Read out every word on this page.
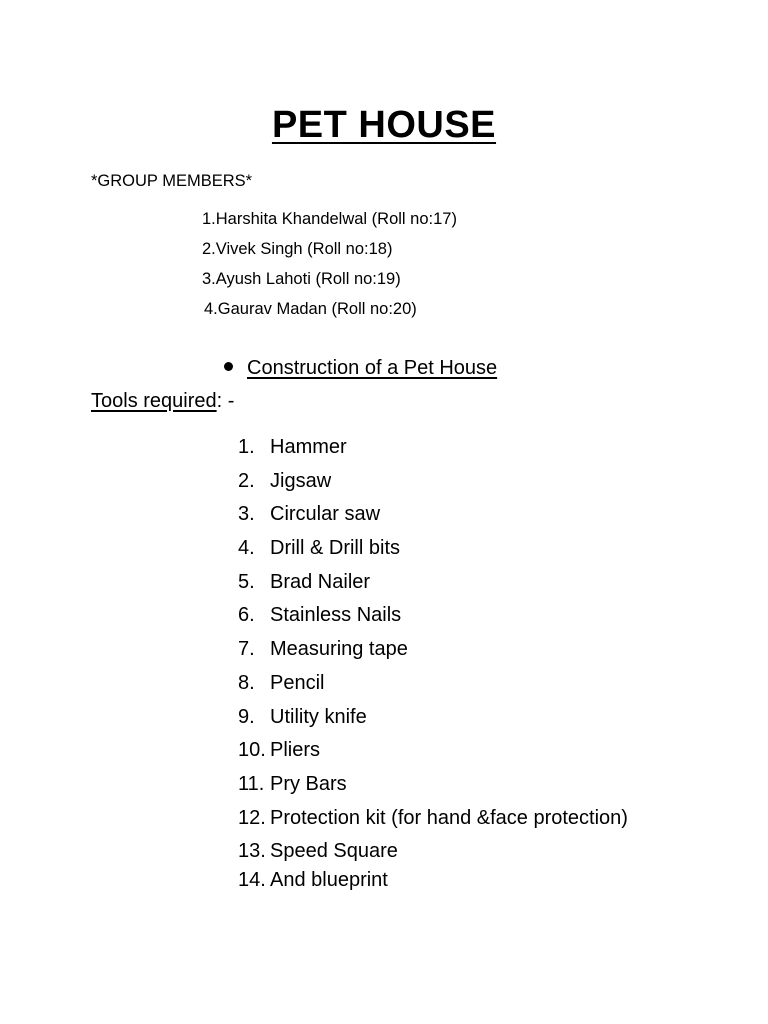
PET HOUSE
*GROUP MEMBERS*
1.Harshita Khandelwal (Roll no:17)
2.Vivek Singh (Roll no:18)
3.Ayush Lahoti (Roll no:19)
4.Gaurav Madan (Roll no:20)
Construction of a Pet House
Tools required: -
1. Hammer
2. Jigsaw
3. Circular saw
4. Drill & Drill bits
5. Brad Nailer
6. Stainless Nails
7. Measuring tape
8. Pencil
9. Utility knife
10. Pliers
11. Pry Bars
12. Protection kit (for hand &face protection)
13. Speed Square
14. And blueprint
